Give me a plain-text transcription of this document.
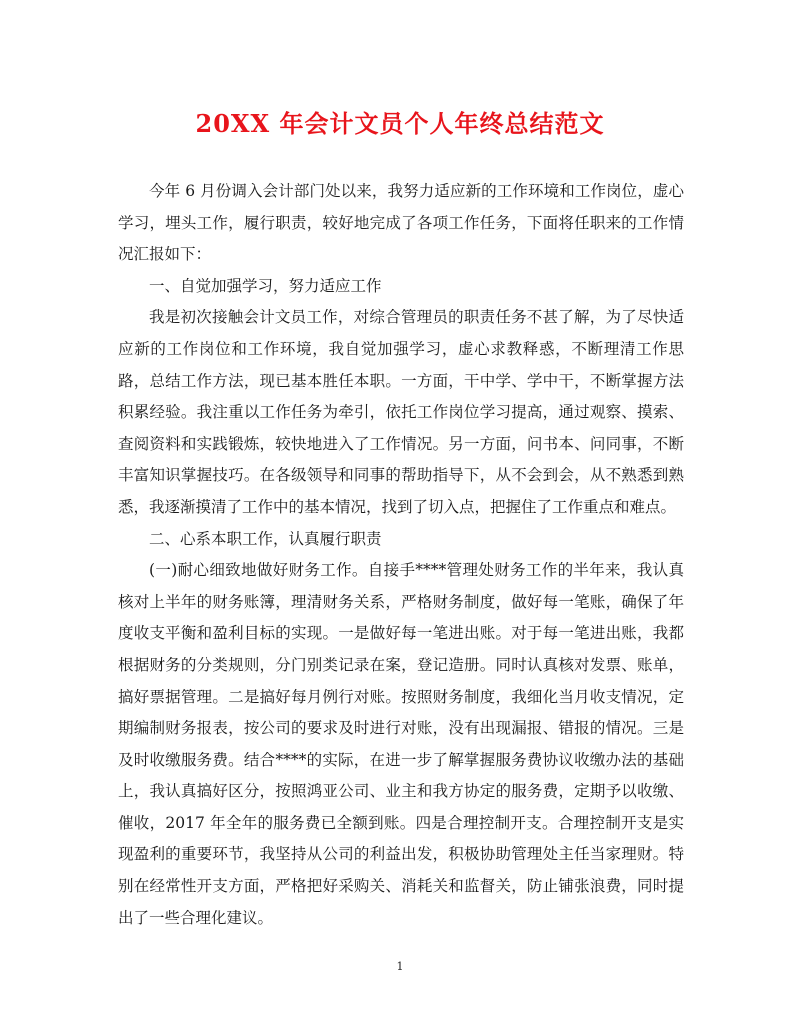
20XX 年会计文员个人年终总结范文

今年 6 月份调入会计部门处以来，我努力适应新的工作环境和工作岗位，虚心学习，埋头工作，履行职责，较好地完成了各项工作任务，下面将任职来的工作情况汇报如下：

一、自觉加强学习，努力适应工作

我是初次接触会计文员工作，对综合管理员的职责任务不甚了解，为了尽快适应新的工作岗位和工作环境，我自觉加强学习，虚心求教释惑，不断理清工作思路，总结工作方法，现已基本胜任本职。一方面，干中学、学中干，不断掌握方法积累经验。我注重以工作任务为牵引，依托工作岗位学习提高，通过观察、摸索、查阅资料和实践锻炼，较快地进入了工作情况。另一方面，问书本、问同事，不断丰富知识掌握技巧。在各级领导和同事的帮助指导下，从不会到会，从不熟悉到熟悉，我逐渐摸清了工作中的基本情况，找到了切入点，把握住了工作重点和难点。

二、心系本职工作，认真履行职责

(一)耐心细致地做好财务工作。自接手****管理处财务工作的半年来，我认真核对上半年的财务账簿，理清财务关系，严格财务制度，做好每一笔账，确保了年度收支平衡和盈利目标的实现。一是做好每一笔进出账。对于每一笔进出账，我都根据财务的分类规则，分门别类记录在案，登记造册。同时认真核对发票、账单，搞好票据管理。二是搞好每月例行对账。按照财务制度，我细化当月收支情况，定期编制财务报表，按公司的要求及时进行对账，没有出现漏报、错报的情况。三是及时收缴服务费。结合****的实际，在进一步了解掌握服务费协议收缴办法的基础上，我认真搞好区分，按照鸿亚公司、业主和我方协定的服务费，定期予以收缴、催收，2017 年全年的服务费已全额到账。四是合理控制开支。合理控制开支是实现盈利的重要环节，我坚持从公司的利益出发，积极协助管理处主任当家理财。特别在经常性开支方面，严格把好采购关、消耗关和监督关，防止铺张浪费，同时提出了一些合理化建议。

1
